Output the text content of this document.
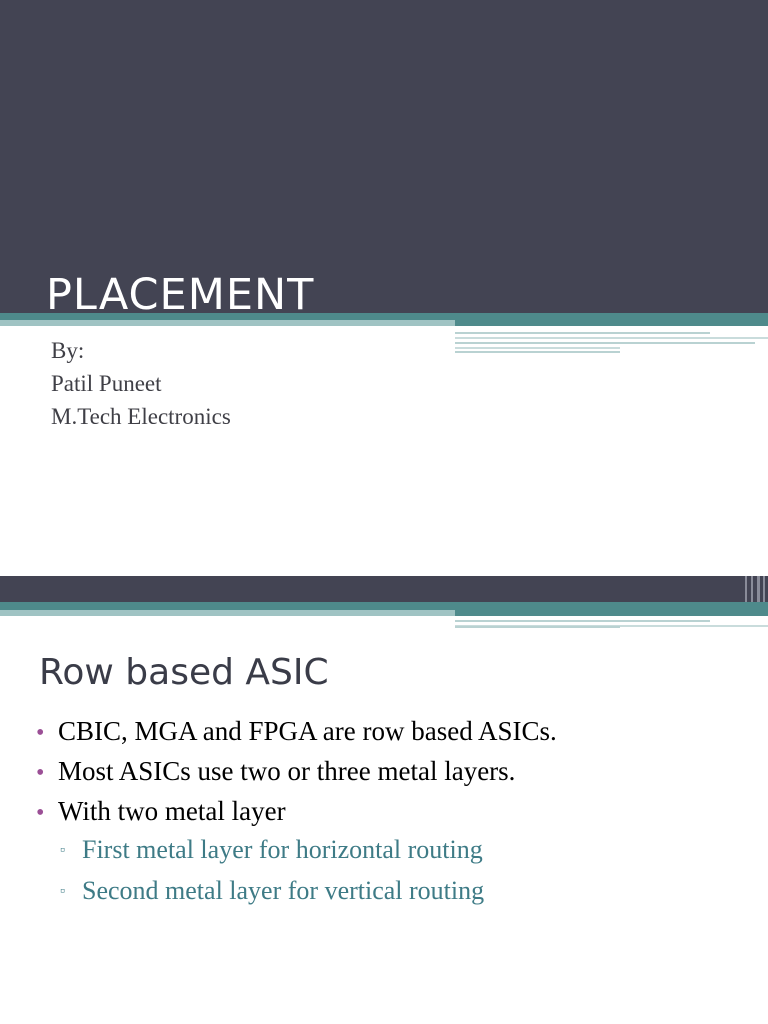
PLACEMENT
By:
Patil Puneet
M.Tech Electronics
Row based ASIC
• CBIC, MGA and FPGA are row based ASICs.
• Most ASICs use two or three metal layers.
• With two metal layer
▫ First metal layer for horizontal routing
▫ Second metal layer for vertical routing
